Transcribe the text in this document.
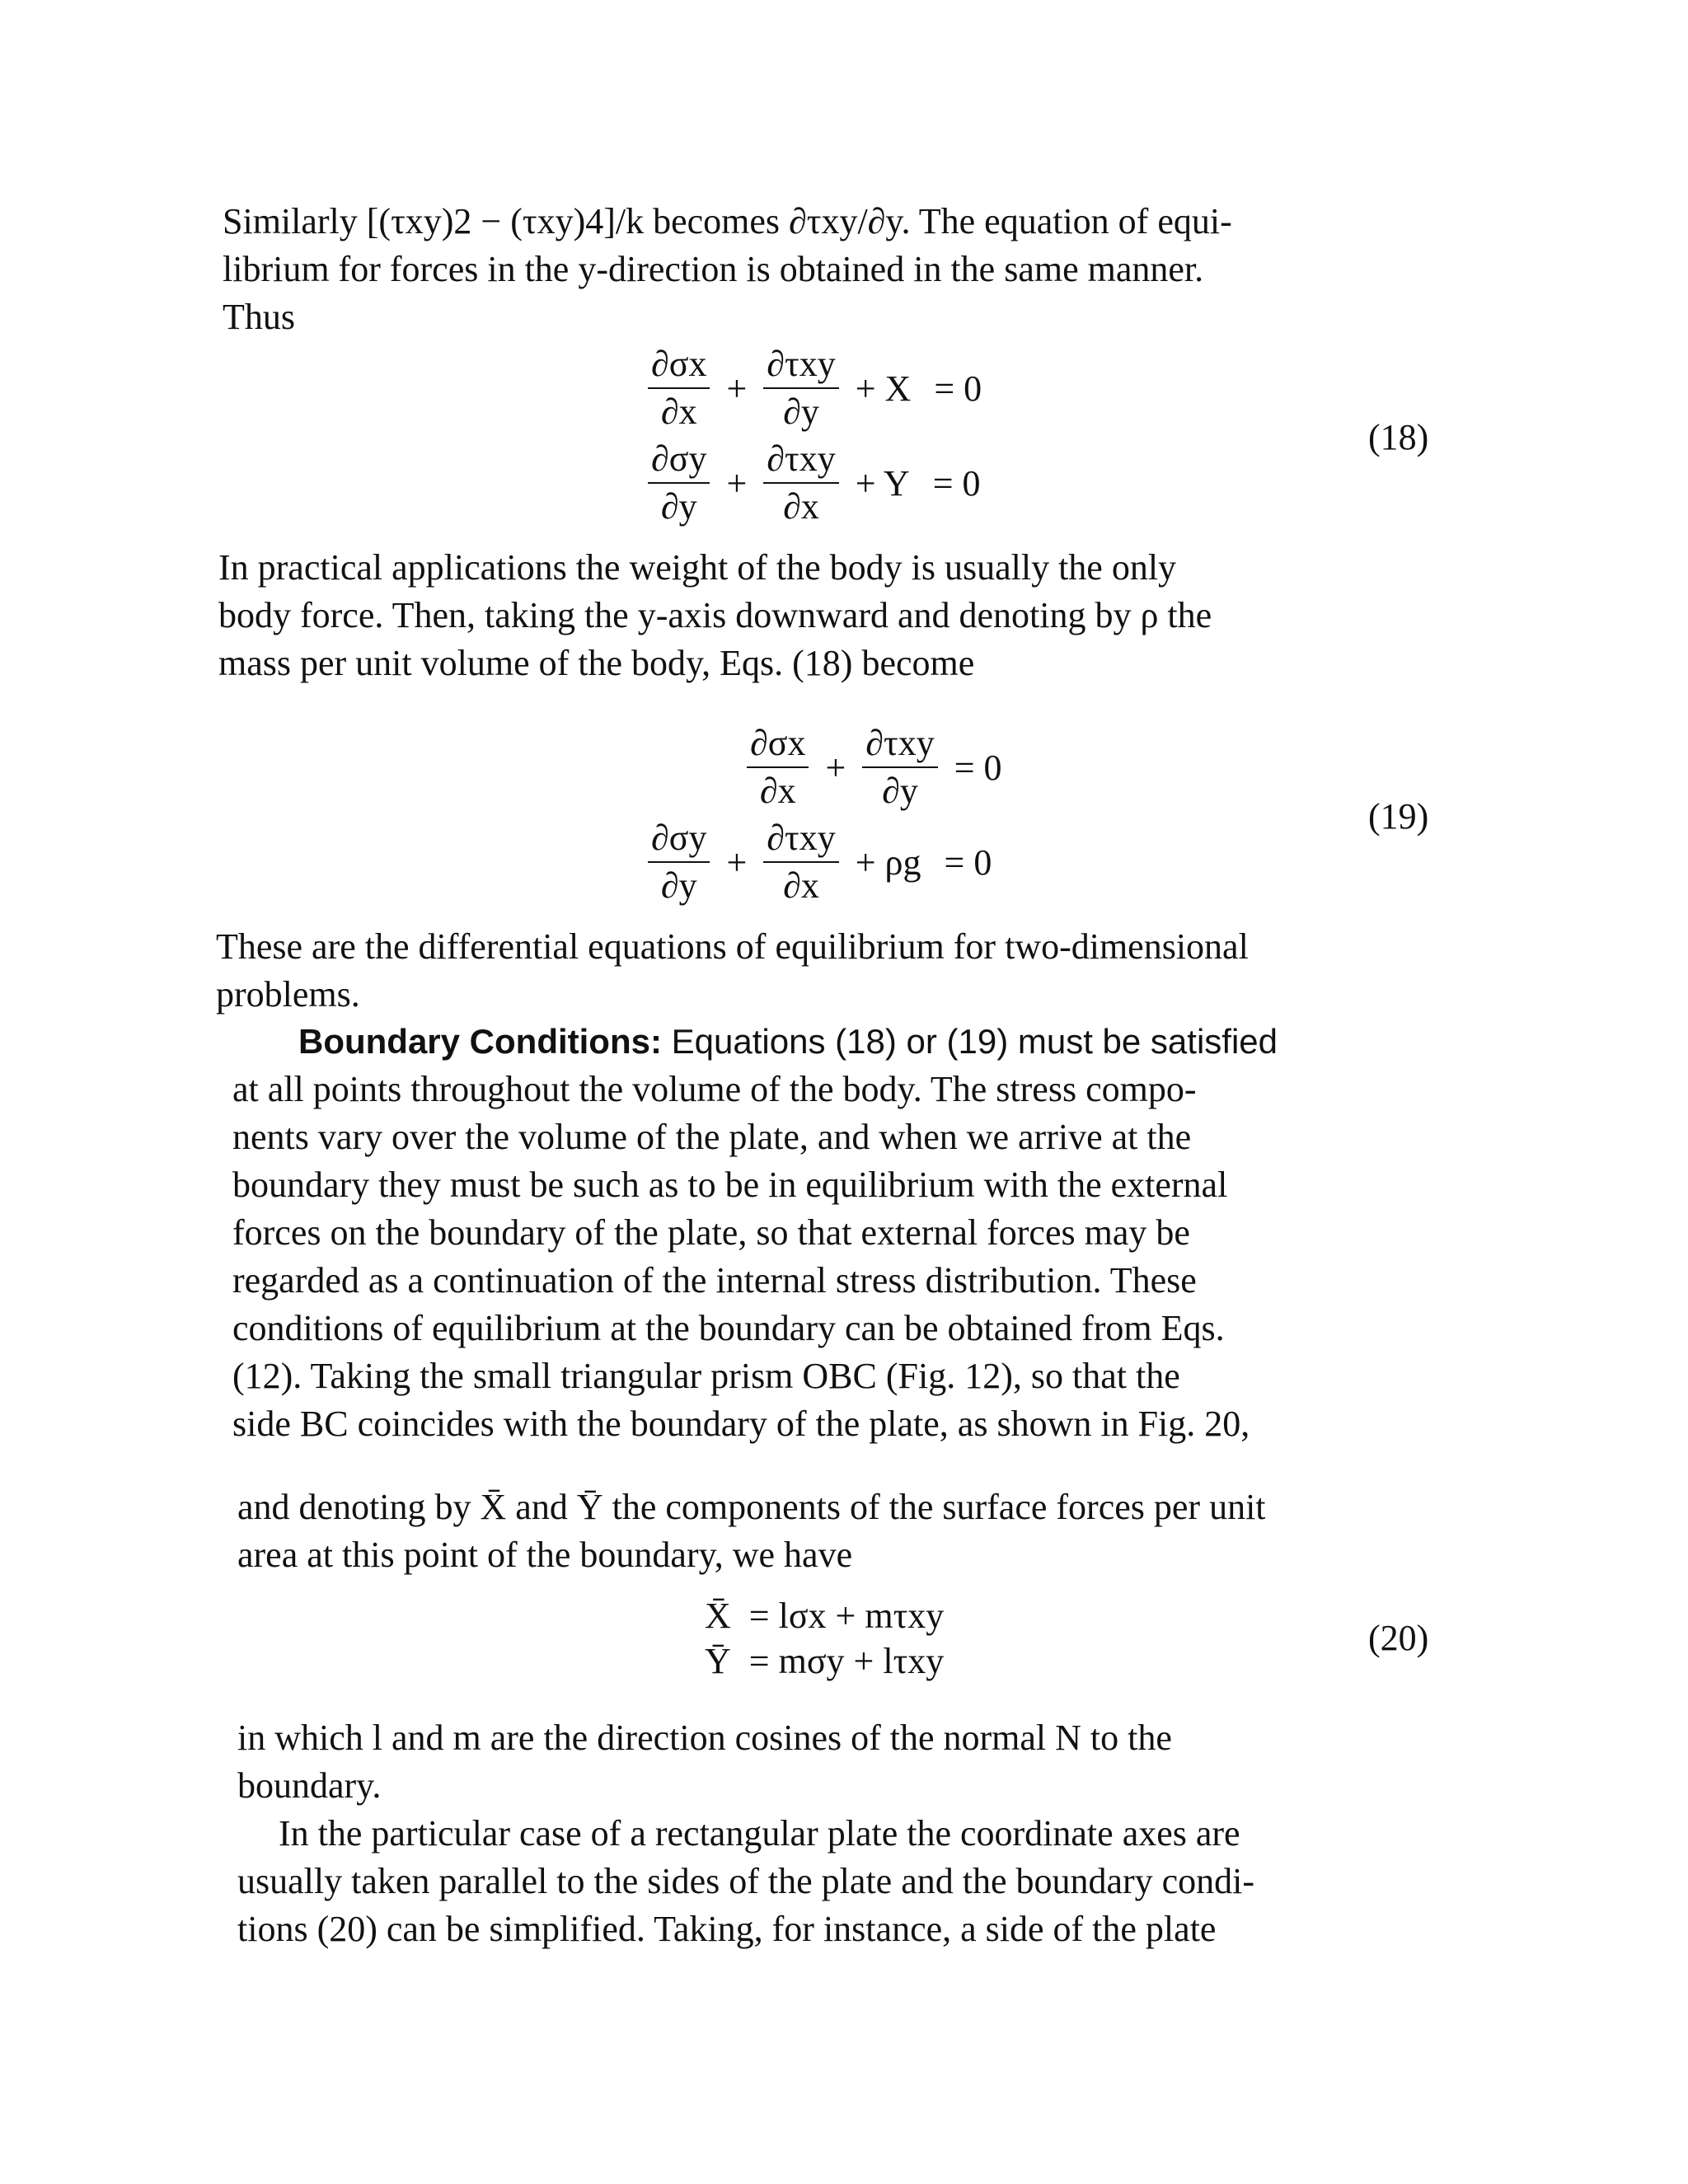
Similarly [(τxy)2 − (τxy)4]/k becomes ∂τxy/∂y. The equation of equi-
librium for forces in the y-direction is obtained in the same manner.
Thus
$\frac{\partial\sigma x}{\partial x} + \frac{\text{∂τxy}}{\partial y} + X = 0$
$\frac{\partial\sigma y}{\partial y} + \frac{\text{∂τxy}}{\partial x} + Y = 0$
(18)
In practical applications the weight of the body is usually the only
body force. Then, taking the y-axis downward and denoting by ρ the
mass per unit volume of the body, Eqs. (18) become
$\frac{\partial\sigma x}{\partial x} + \frac{\text{∂τxy}}{\partial y} = 0$
$\frac{\partial\sigma y}{\partial y} + \frac{\text{∂τxy}}{\partial x} + \rho g = 0$
(19)
These are the differential equations of equilibrium for two-dimensional
problems.
Boundary Conditions: Equations (18) or (19) must be satisfied
at all points throughout the volume of the body. The stress compo-
nents vary over the volume of the plate, and when we arrive at the
boundary they must be such as to be in equilibrium with the external
forces on the boundary of the plate, so that external forces may be
regarded as a continuation of the internal stress distribution. These
conditions of equilibrium at the boundary can be obtained from Eqs.
(12). Taking the small triangular prism OBC (Fig. 12), so that the
side BC coincides with the boundary of the plate, as shown in Fig. 20,
and denoting by X̄ and Ȳ the components of the surface forces per unit
area at this point of the boundary, we have
X̄  = lσx + mτxy
Ȳ  = mσy + lτxy
(20)
in which l and m are the direction cosines of the normal N to the
boundary.
In the particular case of a rectangular plate the coordinate axes are
usually taken parallel to the sides of the plate and the boundary condi-
tions (20) can be simplified. Taking, for instance, a side of the plate
